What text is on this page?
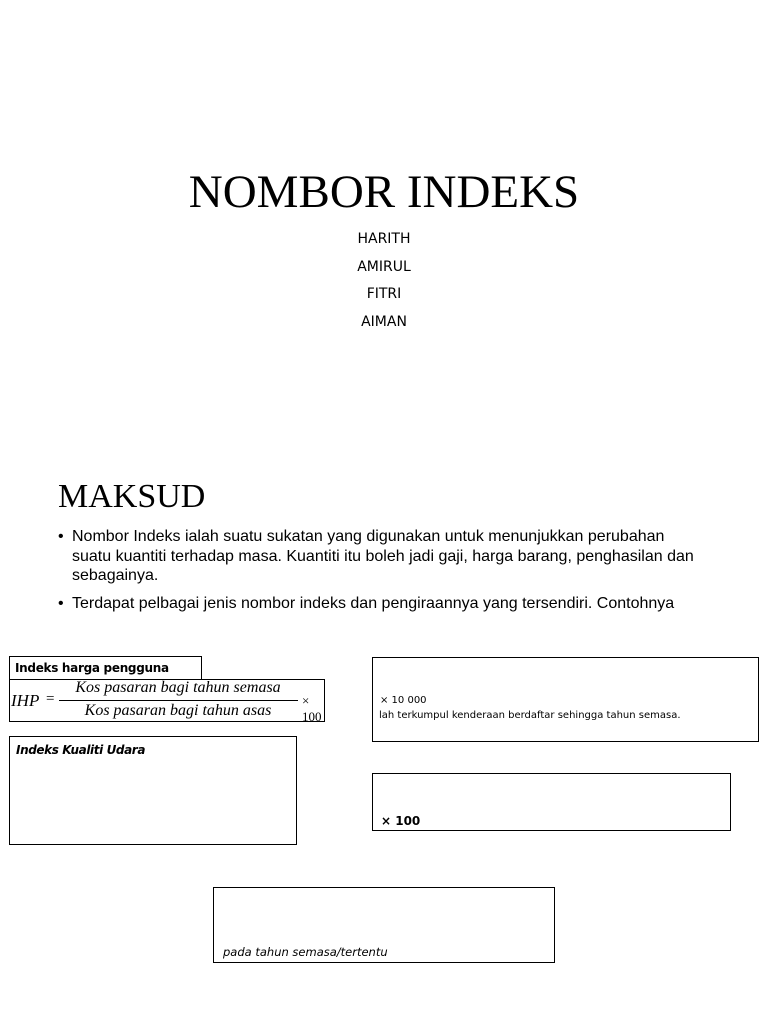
NOMBOR INDEKS
HARITH
AMIRUL
FITRI
AIMAN
MAKSUD
• Nombor Indeks ialah suatu sukatan yang digunakan untuk menunjukkan perubahan suatu kuantiti terhadap masa. Kuantiti itu boleh jadi gaji, harga barang, penghasilan dan sebagainya.
• Terdapat pelbagai jenis nombor indeks dan pengiraannya yang tersendiri. Contohnya
Indeks harga pengguna
IHP =
Kos pasaran bagi tahun semasa
Kos pasaran bagi tahun asas
× 100
Indeks Kualiti Udara
× 10 000
lah terkumpul kenderaan berdaftar sehingga tahun semasa.
× 100
pada tahun semasa/tertentu
